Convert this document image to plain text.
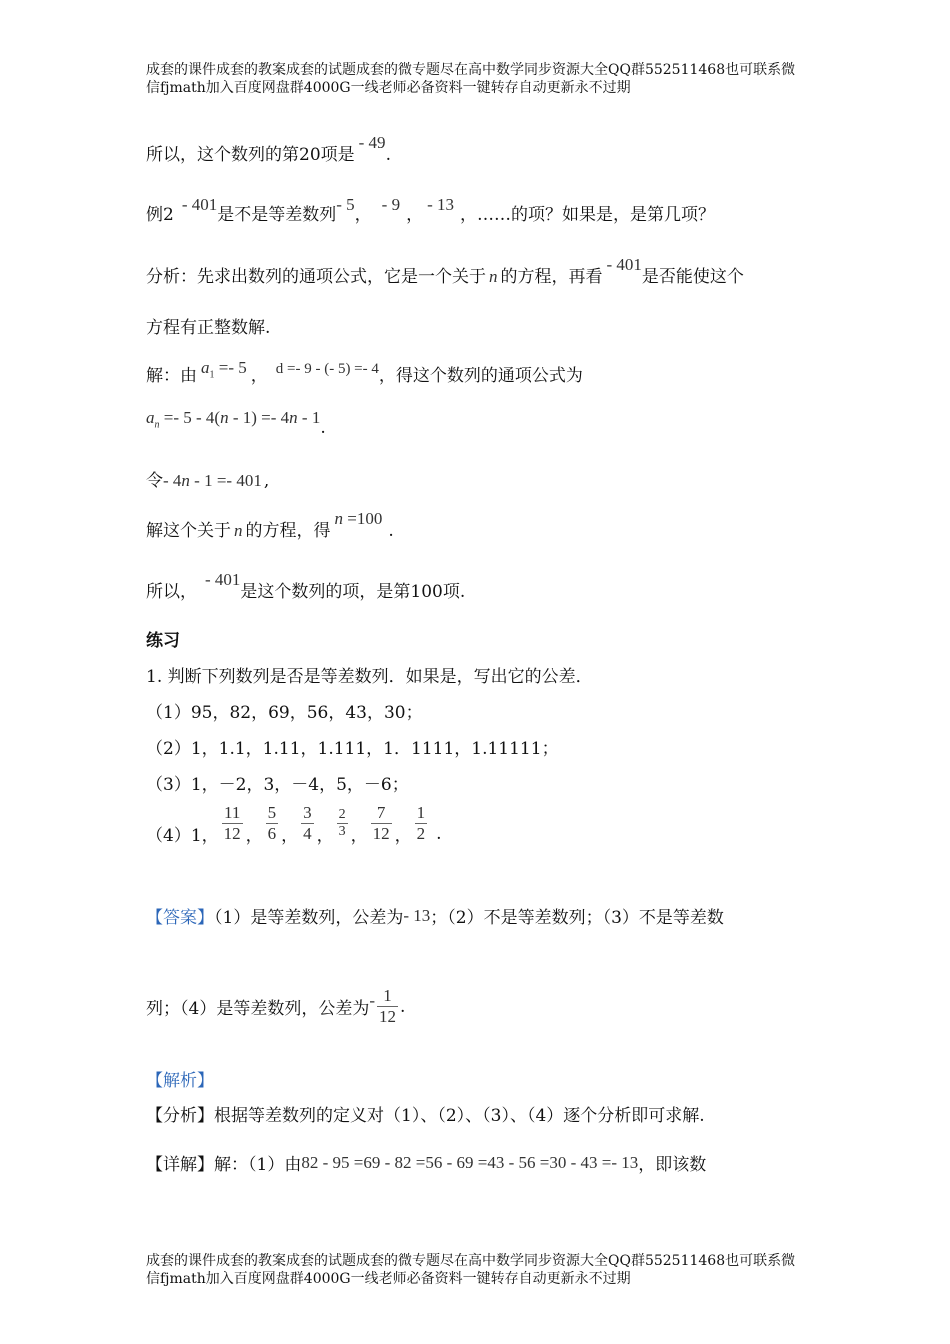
成套的课件成套的教案成套的试题成套的微专题尽在高中数学同步资源大全QQ群552511468也可联系微
信fjmath加入百度网盘群4000G一线老师必备资料一键转存自动更新永不过期
所以，这个数列的第20项是- 49.
例2- 401是不是等差数列- 5，- 9，- 13，……的项？如果是，是第几项？
分析：先求出数列的通项公式，它是一个关于 n 的方程，再看- 401是否能使这个
方程有正整数解.
解：由 $a_1 =- 5$ ， d =- 9 - (- 5) =- 4，得这个数列的通项公式为
$a_n =- 5 - 4(n - 1) =- 4n - 1$.
令- 4n - 1 =- 401 ,
解这个关于 n 的方程，得n =100.
所以，- 401是这个数列的项，是第100项.
练习
1. 判断下列数列是否是等差数列．如果是，写出它的公差．
（1）95，82，69，56，43，30；
（2）1，1.1，1.11，1.111，1．1111，1.11111；
（3）1，－2，3，－4，5，－6；
（4）1， $\frac{11}{12}$ ， $\frac{5}{6}$ ， $\frac{3}{4}$ ， $\frac{2}{3}$ ， $\frac{7}{12}$ ， $\frac{1}{2}$ .
【答案】（1）是等差数列，公差为- 13；（2）不是等差数列；（3）不是等差数
列；（4）是等差数列，公差为 - $\frac{1}{12}$ .
【解析】
【分析】根据等差数列的定义对（1）、（2）、（3）、（4）逐个分析即可求解.
【详解】解：（1）由82 - 95 =69 - 82 =56 - 69 =43 - 56 =30 - 43 =- 13，即该数
成套的课件成套的教案成套的试题成套的微专题尽在高中数学同步资源大全QQ群552511468也可联系微
信fjmath加入百度网盘群4000G一线老师必备资料一键转存自动更新永不过期
